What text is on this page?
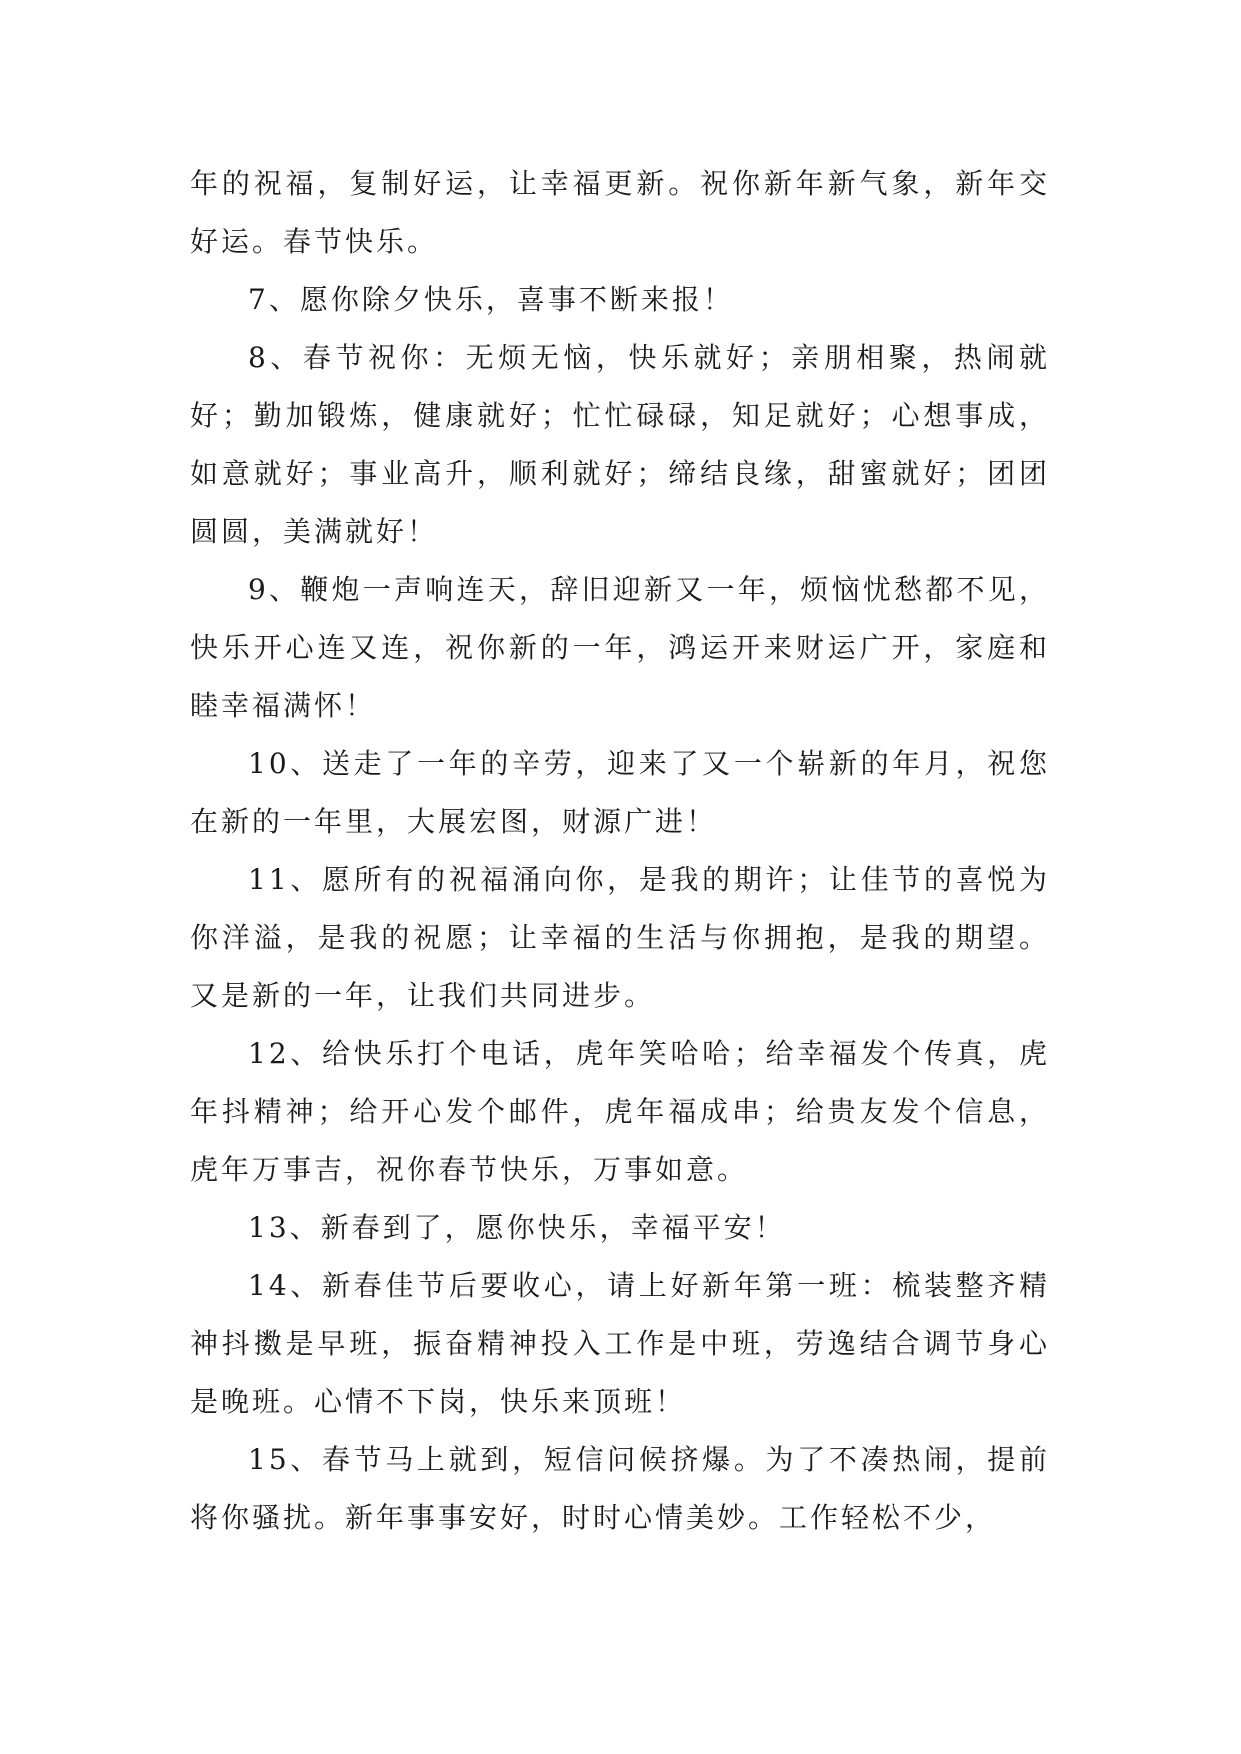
年的祝福，复制好运，让幸福更新。祝你新年新气象，新年交好运。春节快乐。

7、愿你除夕快乐，喜事不断来报！

8、春节祝你：无烦无恼，快乐就好；亲朋相聚，热闹就好；勤加锻炼，健康就好；忙忙碌碌，知足就好；心想事成，如意就好；事业高升，顺利就好；缔结良缘，甜蜜就好；团团圆圆，美满就好！

9、鞭炮一声响连天，辞旧迎新又一年，烦恼忧愁都不见，快乐开心连又连，祝你新的一年，鸿运开来财运广开，家庭和睦幸福满怀！

10、送走了一年的辛劳，迎来了又一个崭新的年月，祝您在新的一年里，大展宏图，财源广进！

11、愿所有的祝福涌向你，是我的期许；让佳节的喜悦为你洋溢，是我的祝愿；让幸福的生活与你拥抱，是我的期望。又是新的一年，让我们共同进步。

12、给快乐打个电话，虎年笑哈哈；给幸福发个传真，虎年抖精神；给开心发个邮件，虎年福成串；给贵友发个信息，虎年万事吉，祝你春节快乐，万事如意。

13、新春到了，愿你快乐，幸福平安！

14、新春佳节后要收心，请上好新年第一班：梳装整齐精神抖擞是早班，振奋精神投入工作是中班，劳逸结合调节身心是晚班。心情不下岗，快乐来顶班！

15、春节马上就到，短信问候挤爆。为了不凑热闹，提前将你骚扰。新年事事安好，时时心情美妙。工作轻松不少，
